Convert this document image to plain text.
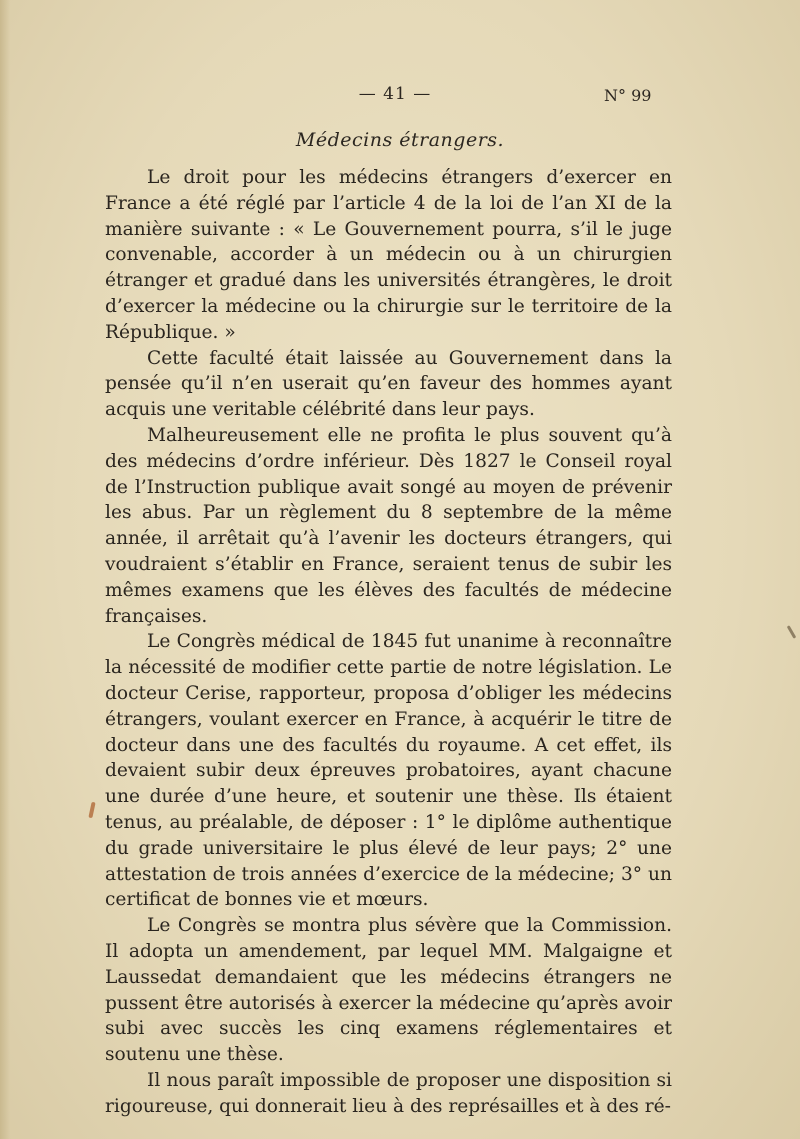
— 41 —	N° 99
Médecins étrangers.

Le droit pour les médecins étrangers d’exercer en France a été réglé par l’article 4 de la loi de l’an XI de la manière suivante : « Le Gouvernement pourra, s’il le juge convenable, accorder à un médecin ou à un chirurgien étranger et gradué dans les universités étrangères, le droit d’exercer la médecine ou la chirurgie sur le territoire de la République. »

Cette faculté était laissée au Gouvernement dans la pensée qu’il n’en userait qu’en faveur des hommes ayant acquis une veritable célébrité dans leur pays.

Malheureusement elle ne profita le plus souvent qu’à des médecins d’ordre inférieur. Dès 1827 le Conseil royal de l’Instruction publique avait songé au moyen de prévenir les abus. Par un règlement du 8 septembre de la même année, il arrêtait qu’à l’avenir les docteurs étrangers, qui voudraient s’établir en France, seraient tenus de subir les mêmes examens que les élèves des facultés de médecine françaises.

Le Congrès médical de 1845 fut unanime à reconnaître la nécessité de modifier cette partie de notre législation. Le docteur Cerise, rapporteur, proposa d’obliger les médecins étrangers, voulant exercer en France, à acquérir le titre de docteur dans une des facultés du royaume. A cet effet, ils devaient subir deux épreuves probatoires, ayant chacune une durée d’une heure, et soutenir une thèse. Ils étaient tenus, au préalable, de déposer : 1° le diplôme authentique du grade universitaire le plus élevé de leur pays; 2° une attestation de trois années d’exercice de la médecine; 3° un certificat de bonnes vie et mœurs.

Le Congrès se montra plus sévère que la Commission. Il adopta un amendement, par lequel MM. Malgaigne et Laussedat demandaient que les médecins étrangers ne pussent être autorisés à exercer la médecine qu’après avoir subi avec succès les cinq examens réglementaires et soutenu une thèse.

Il nous paraît impossible de proposer une disposition si rigoureuse, qui donnerait lieu à des représailles et à des ré-
